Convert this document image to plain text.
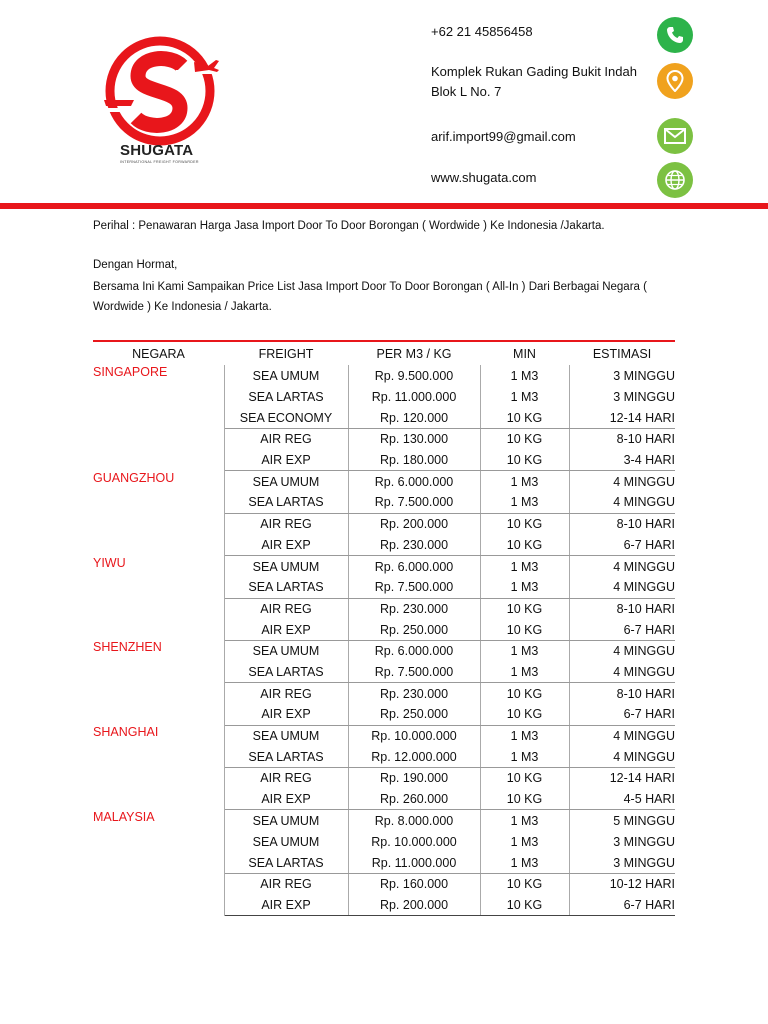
SHUGATA
INTERNATIONAL FREIGHT FORWARDER
+62 21 45856458
Komplek Rukan Gading Bukit Indah Blok L No. 7
arif.import99@gmail.com
www.shugata.com
Perihal : Penawaran Harga Jasa Import Door To Door Borongan ( Wordwide ) Ke Indonesia /Jakarta.
Dengan Hormat,
Bersama Ini Kami Sampaikan Price List Jasa Import Door To Door Borongan ( All-In ) Dari Berbagai Negara ( Wordwide ) Ke Indonesia / Jakarta.
NEGARA	FREIGHT	PER M3 / KG	MIN	ESTIMASI
SINGAPORE	SEA UMUM	Rp. 9.500.000	1 M3	3 MINGGU
	SEA LARTAS	Rp. 11.000.000	1 M3	3 MINGGU
	SEA ECONOMY	Rp. 120.000	10 KG	12-14 HARI
	AIR REG	Rp. 130.000	10 KG	8-10 HARI
	AIR EXP	Rp. 180.000	10 KG	3-4 HARI
GUANGZHOU	SEA UMUM	Rp. 6.000.000	1 M3	4 MINGGU
	SEA LARTAS	Rp. 7.500.000	1 M3	4 MINGGU
	AIR REG	Rp. 200.000	10 KG	8-10 HARI
	AIR EXP	Rp. 230.000	10 KG	6-7 HARI
YIWU	SEA UMUM	Rp. 6.000.000	1 M3	4 MINGGU
	SEA LARTAS	Rp. 7.500.000	1 M3	4 MINGGU
	AIR REG	Rp. 230.000	10 KG	8-10 HARI
	AIR EXP	Rp. 250.000	10 KG	6-7 HARI
SHENZHEN	SEA UMUM	Rp. 6.000.000	1 M3	4 MINGGU
	SEA LARTAS	Rp. 7.500.000	1 M3	4 MINGGU
	AIR REG	Rp. 230.000	10 KG	8-10 HARI
	AIR EXP	Rp. 250.000	10 KG	6-7 HARI
SHANGHAI	SEA UMUM	Rp. 10.000.000	1 M3	4 MINGGU
	SEA LARTAS	Rp. 12.000.000	1 M3	4 MINGGU
	AIR REG	Rp. 190.000	10 KG	12-14 HARI
	AIR EXP	Rp. 260.000	10 KG	4-5 HARI
MALAYSIA	SEA UMUM	Rp. 8.000.000	1 M3	5 MINGGU
	SEA UMUM	Rp. 10.000.000	1 M3	3 MINGGU
	SEA LARTAS	Rp. 11.000.000	1 M3	3 MINGGU
	AIR REG	Rp. 160.000	10 KG	10-12 HARI
	AIR EXP	Rp. 200.000	10 KG	6-7 HARI
